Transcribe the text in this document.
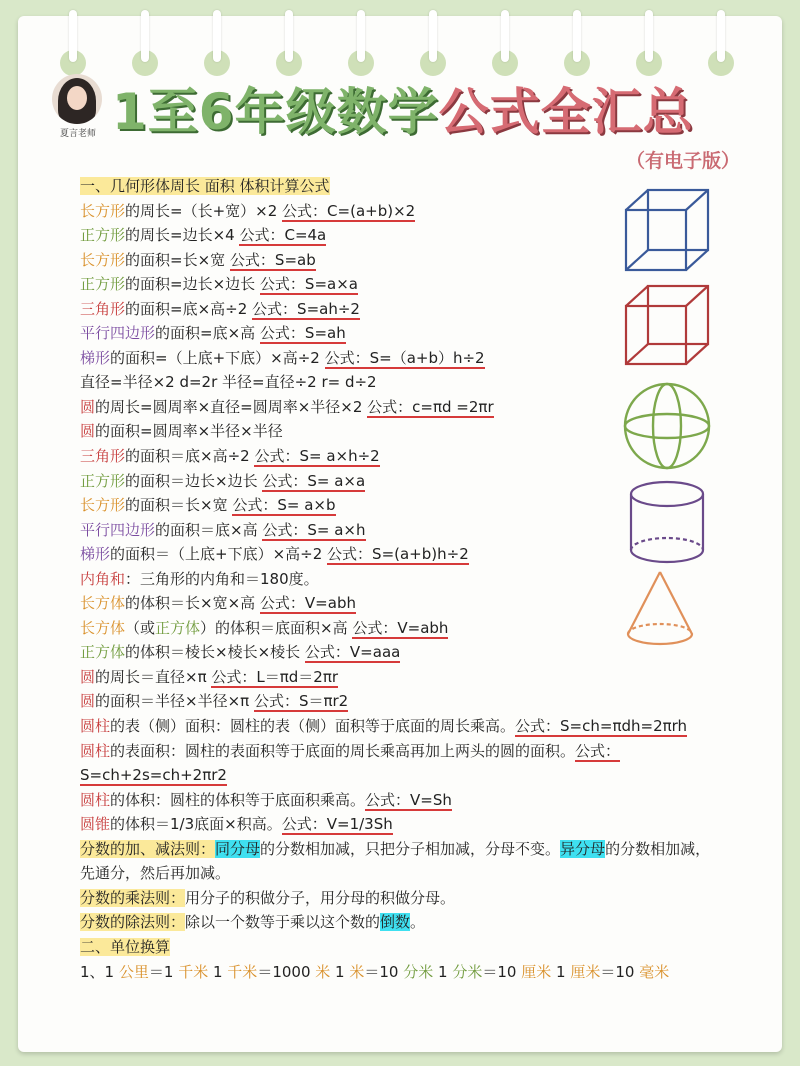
夏言老师 1至6年级数学公式全汇总
（有电子版）
一、几何形体周长 面积 体积计算公式
长方形的周长=（长+宽）×2 公式：C=(a+b)×2
正方形的周长=边长×4 公式：C=4a
长方形的面积=长×宽 公式：S=ab
正方形的面积=边长×边长 公式：S=a×a
三角形的面积=底×高÷2 公式：S=ah÷2
平行四边形的面积=底×高 公式：S=ah
梯形的面积=（上底+下底）×高÷2 公式：S=（a+b）h÷2
直径=半径×2 d=2r 半径=直径÷2 r= d÷2
圆的周长=圆周率×直径=圆周率×半径×2 公式：c=πd =2πr
圆的面积=圆周率×半径×半径
三角形的面积＝底×高÷2 公式：S= a×h÷2
正方形的面积＝边长×边长 公式：S= a×a
长方形的面积＝长×宽 公式：S= a×b
平行四边形的面积＝底×高 公式：S= a×h
梯形的面积＝（上底+下底）×高÷2 公式：S=(a+b)h÷2
内角和：三角形的内角和＝180度。
长方体的体积＝长×宽×高 公式：V=abh
长方体（或正方体）的体积＝底面积×高 公式：V=abh
正方体的体积＝棱长×棱长×棱长 公式：V=aaa
圆的周长＝直径×π 公式：L＝πd＝2πr
圆的面积＝半径×半径×π 公式：S＝πr2
圆柱的表（侧）面积：圆柱的表（侧）面积等于底面的周长乘高。公式：S=ch=πdh=2πrh
圆柱的表面积：圆柱的表面积等于底面的周长乘高再加上两头的圆的面积。公式：S=ch+2s=ch+2πr2
圆柱的体积：圆柱的体积等于底面积乘高。公式：V=Sh
圆锥的体积＝1/3底面×积高。公式：V=1/3Sh
分数的加、减法则：同分母的分数相加减，只把分子相加减，分母不变。异分母的分数相加减，先通分，然后再加减。
分数的乘法则：用分子的积做分子，用分母的积做分母。
分数的除法则：除以一个数等于乘以这个数的倒数。
二、单位换算
1、1 公里＝1 千米 1 千米＝1000 米 1 米＝10 分米 1 分米＝10 厘米 1 厘米＝10 毫米
